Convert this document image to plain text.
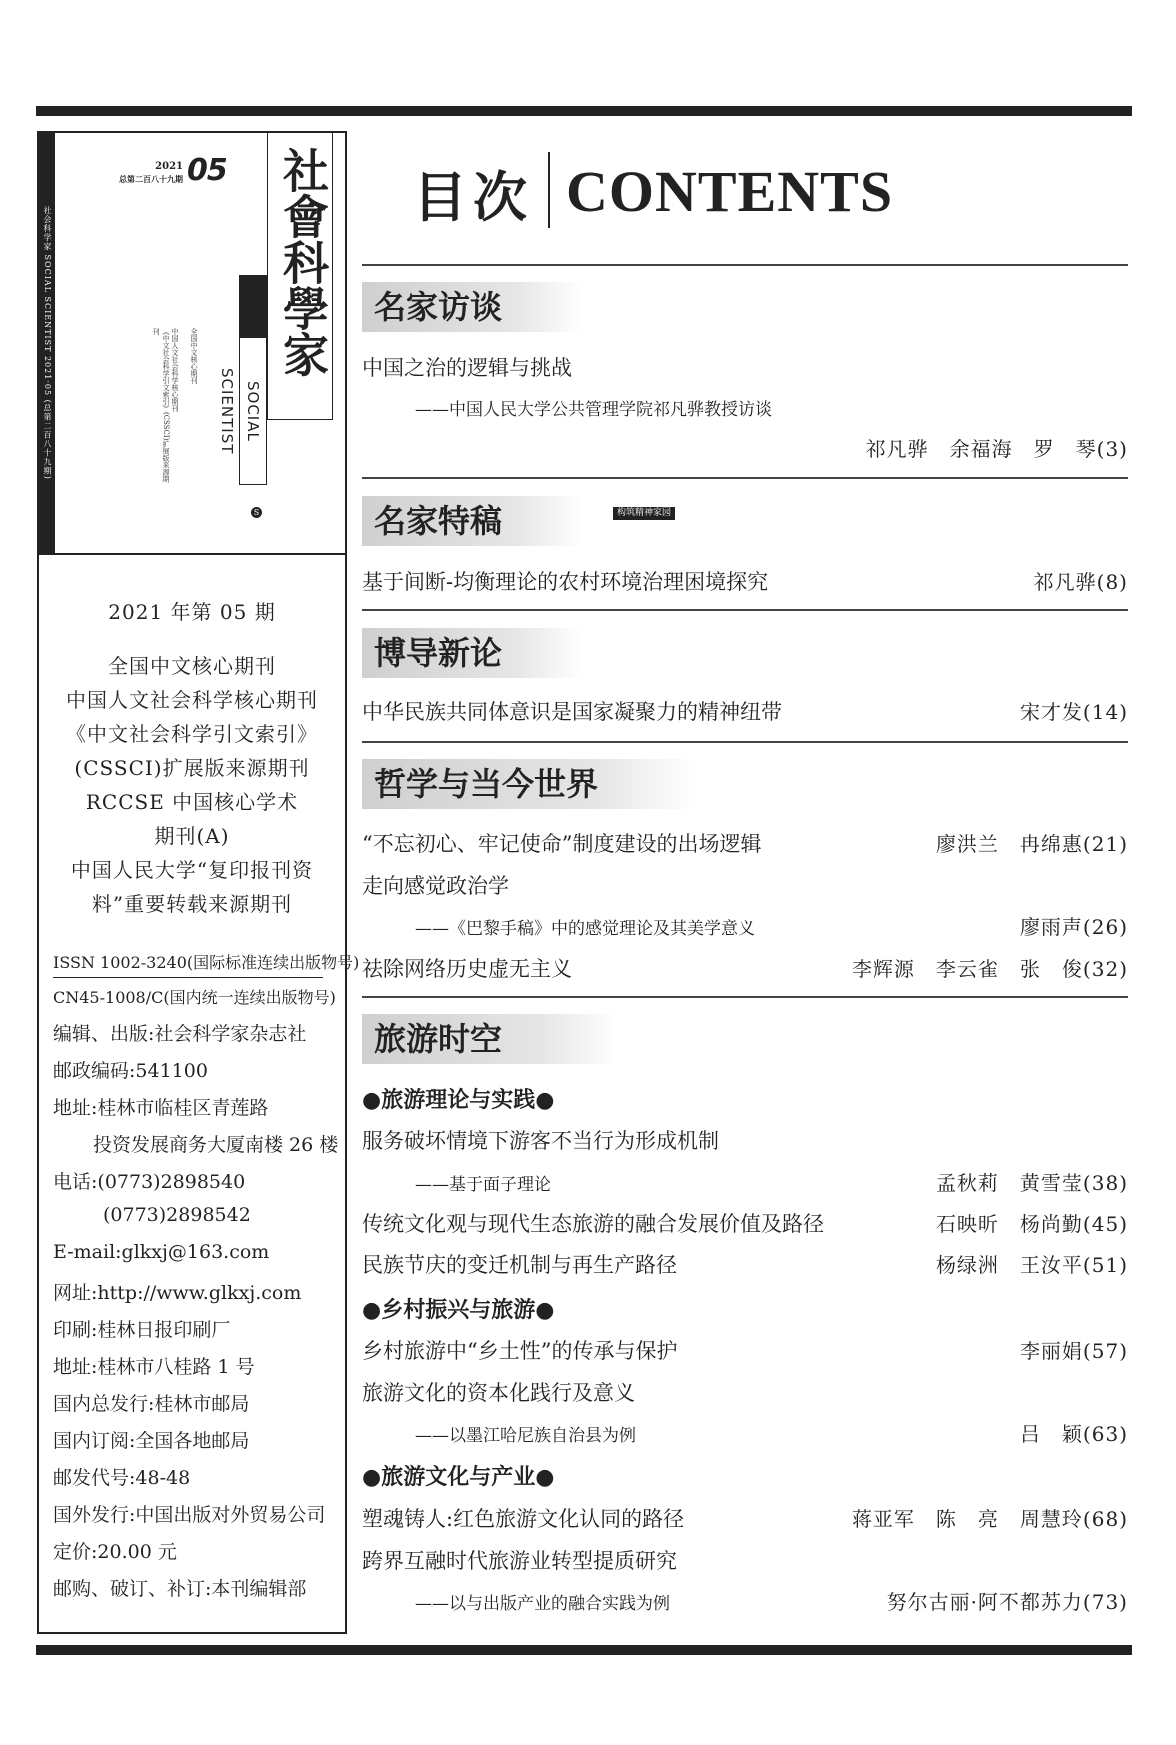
社会科学家 SOCIAL SCIENTIST 2021·05 (总第二百八十九期)
2021
总第二百八十九期 05 社會科學家
SOCIAL SCIENTIST
全国中文核心期刊
中国人文社会科学核心期刊
《中文社会科学引文索引》(CSSCI)扩展版来源期刊
S	构筑精神家园
2021 年第 05 期
全国中文核心期刊
中国人文社会科学核心期刊
《中文社会科学引文索引》
(CSSCI)扩展版来源期刊
RCCSE 中国核心学术
期刊(A)
中国人民大学“复印报刊资
料”重要转载来源期刊
ISSN 1002-3240(国际标准连续出版物号)
CN45-1008/C(国内统一连续出版物号)
编辑、出版:社会科学家杂志社
邮政编码:541100
地址:桂林市临桂区青莲路
投资发展商务大厦南楼 26 楼
电话:(0773)2898540
(0773)2898542
E-mail:glkxj@163.com
网址:http://www.glkxj.com
印刷:桂林日报印刷厂
地址:桂林市八桂路 1 号
国内总发行:桂林市邮局
国内订阅:全国各地邮局
邮发代号:48-48
国外发行:中国出版对外贸易公司
定价:20.00 元
邮购、破订、补订:本刊编辑部
目次 CONTENTS
名家访谈
中国之治的逻辑与挑战
——中国人民大学公共管理学院祁凡骅教授访谈
祁凡骅　余福海　罗　琴(3)
名家特稿
基于间断-均衡理论的农村环境治理困境探究	祁凡骅(8)
博导新论
中华民族共同体意识是国家凝聚力的精神纽带	宋才发(14)
哲学与当今世界
“不忘初心、牢记使命”制度建设的出场逻辑	廖洪兰　冉绵惠(21)
走向感觉政治学
——《巴黎手稿》中的感觉理论及其美学意义	廖雨声(26)
祛除网络历史虚无主义	李辉源　李云雀　张　俊(32)
旅游时空
●旅游理论与实践●
服务破坏情境下游客不当行为形成机制
——基于面子理论	孟秋莉　黄雪莹(38)
传统文化观与现代生态旅游的融合发展价值及路径	石映昕　杨尚勤(45)
民族节庆的变迁机制与再生产路径	杨绿洲　王汝平(51)
●乡村振兴与旅游●
乡村旅游中“乡土性”的传承与保护	李丽娟(57)
旅游文化的资本化践行及意义
——以墨江哈尼族自治县为例	吕　颖(63)
●旅游文化与产业●
塑魂铸人:红色旅游文化认同的路径	蒋亚军　陈　亮　周慧玲(68)
跨界互融时代旅游业转型提质研究
——以与出版产业的融合实践为例	努尔古丽·阿不都苏力(73)
